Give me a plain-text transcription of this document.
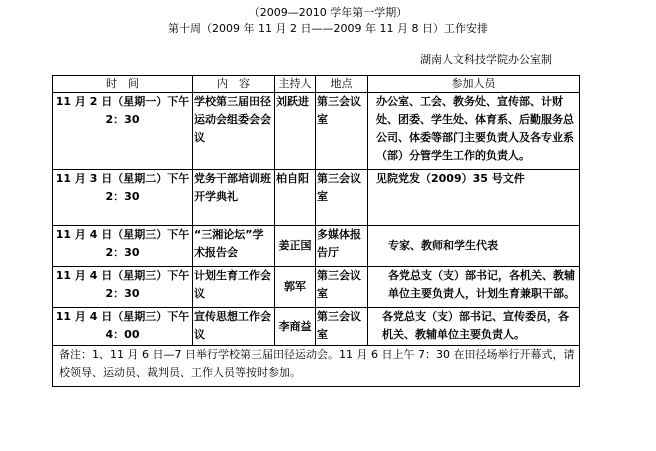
（2009—2010 学年第一学期）
第十周（2009 年 11 月 2 日——2009 年 11 月 8 日）工作安排
湖南人文科技学院办公室制
时　间	内　容	主持人	地点	参加人员
11 月 2 日（星期一）下午 2：30	学校第三届田径运动会组委会会议	刘跃进	第三会议室	办公室、工会、教务处、宣传部、计财处、团委、学生处、体育系、后勤服务总公司、体委等部门主要负责人及各专业系（部）分管学生工作的负责人。
11 月 3 日（星期二）下午 2：30	党务干部培训班开学典礼	柏自阳	第三会议室	见院党发（2009）35 号文件
11 月 4 日（星期三）下午 2：30	“三湘论坛”学术报告会	姜正国	多媒体报告厅	专家、教师和学生代表
11 月 4 日（星期三）下午 2：30	计划生育工作会议	郭军	第三会议室	各党总支（支）部书记，各机关、教辅单位主要负责人，计划生育兼职干部。
11 月 4 日（星期三）下午 4：00	宣传思想工作会议	李商益	第三会议室	各党总支（支）部书记、宣传委员，各机关、教辅单位主要负责人。
备注：1、11 月 6 日—7 日举行学校第三届田径运动会。11 月 6 日上午 7：30 在田径场举行开幕式，请校领导、运动员、裁判员、工作人员等按时参加。				
